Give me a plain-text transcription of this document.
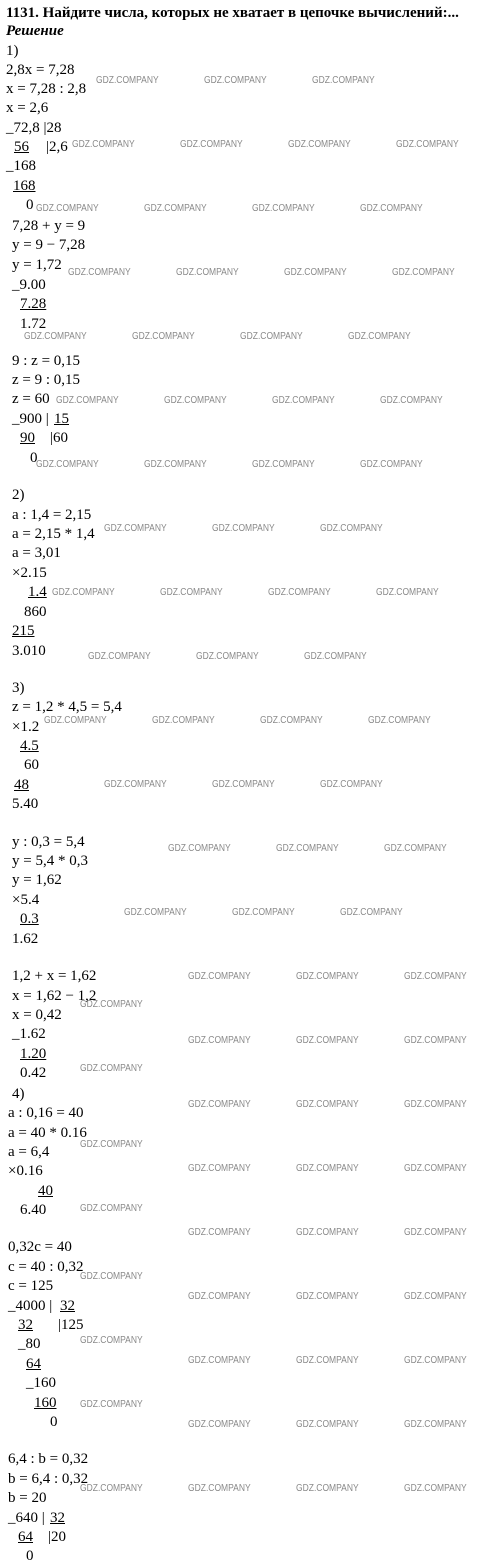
1131. Найдите числа, которых не хватает в цепочке вычислений:...
Решение
1)
2,8x = 7,28
x = 7,28 : 2,8
x = 2,6
_72,8 |28
56 |2,6
_168
168
0
7,28 + y = 9
y = 9 − 7,28
y = 1,72
_9.00
7.28
1.72
9 : z = 0,15
z = 9 : 0,15
z = 60
_900 | 15
90 |60
0
2)
a : 1,4 = 2,15
a = 2,15 * 1,4
a = 3,01
×2.15
1.4
860
215
3.010
3)
z = 1,2 * 4,5 = 5,4
×1.2
4.5
60
48
5.40
y : 0,3 = 5,4
y = 5,4 * 0,3
y = 1,62
×5.4
0.3
1.62
1,2 + x = 1,62
x = 1,62 − 1,2
x = 0,42
_1.62
1.20
0.42
4)
a : 0,16 = 40
a = 40 * 0.16
a = 6,4
×0.16
40
6.40
0,32c = 40
c = 40 : 0,32
c = 125
_4000 | 32
32 |125
_80
64
_160
160
0
6,4 : b = 0,32
b = 6,4 : 0,32
b = 20
_640 | 32
64 |20
0
GDZ.COMPANY	GDZ.COMPANY	GDZ.COMPANY
GDZ.COMPANY	GDZ.COMPANY	GDZ.COMPANY	GDZ.COMPANY
GDZ.COMPANY	GDZ.COMPANY	GDZ.COMPANY	GDZ.COMPANY
GDZ.COMPANY	GDZ.COMPANY	GDZ.COMPANY	GDZ.COMPANY
GDZ.COMPANY	GDZ.COMPANY	GDZ.COMPANY	GDZ.COMPANY
GDZ.COMPANY	GDZ.COMPANY	GDZ.COMPANY	GDZ.COMPANY
GDZ.COMPANY	GDZ.COMPANY	GDZ.COMPANY	GDZ.COMPANY
GDZ.COMPANY	GDZ.COMPANY	GDZ.COMPANY
GDZ.COMPANY	GDZ.COMPANY	GDZ.COMPANY	GDZ.COMPANY
GDZ.COMPANY	GDZ.COMPANY	GDZ.COMPANY
GDZ.COMPANY	GDZ.COMPANY	GDZ.COMPANY	GDZ.COMPANY
GDZ.COMPANY	GDZ.COMPANY	GDZ.COMPANY
GDZ.COMPANY	GDZ.COMPANY	GDZ.COMPANY
GDZ.COMPANY	GDZ.COMPANY	GDZ.COMPANY
GDZ.COMPANY	GDZ.COMPANY	GDZ.COMPANY
GDZ.COMPANY
GDZ.COMPANY	GDZ.COMPANY	GDZ.COMPANY
GDZ.COMPANY
GDZ.COMPANY	GDZ.COMPANY	GDZ.COMPANY
GDZ.COMPANY
GDZ.COMPANY	GDZ.COMPANY	GDZ.COMPANY
GDZ.COMPANY
GDZ.COMPANY	GDZ.COMPANY	GDZ.COMPANY
GDZ.COMPANY
GDZ.COMPANY	GDZ.COMPANY	GDZ.COMPANY
GDZ.COMPANY
GDZ.COMPANY	GDZ.COMPANY	GDZ.COMPANY
GDZ.COMPANY
GDZ.COMPANY	GDZ.COMPANY	GDZ.COMPANY
GDZ.COMPANY	GDZ.COMPANY	GDZ.COMPANY	GDZ.COMPANY
